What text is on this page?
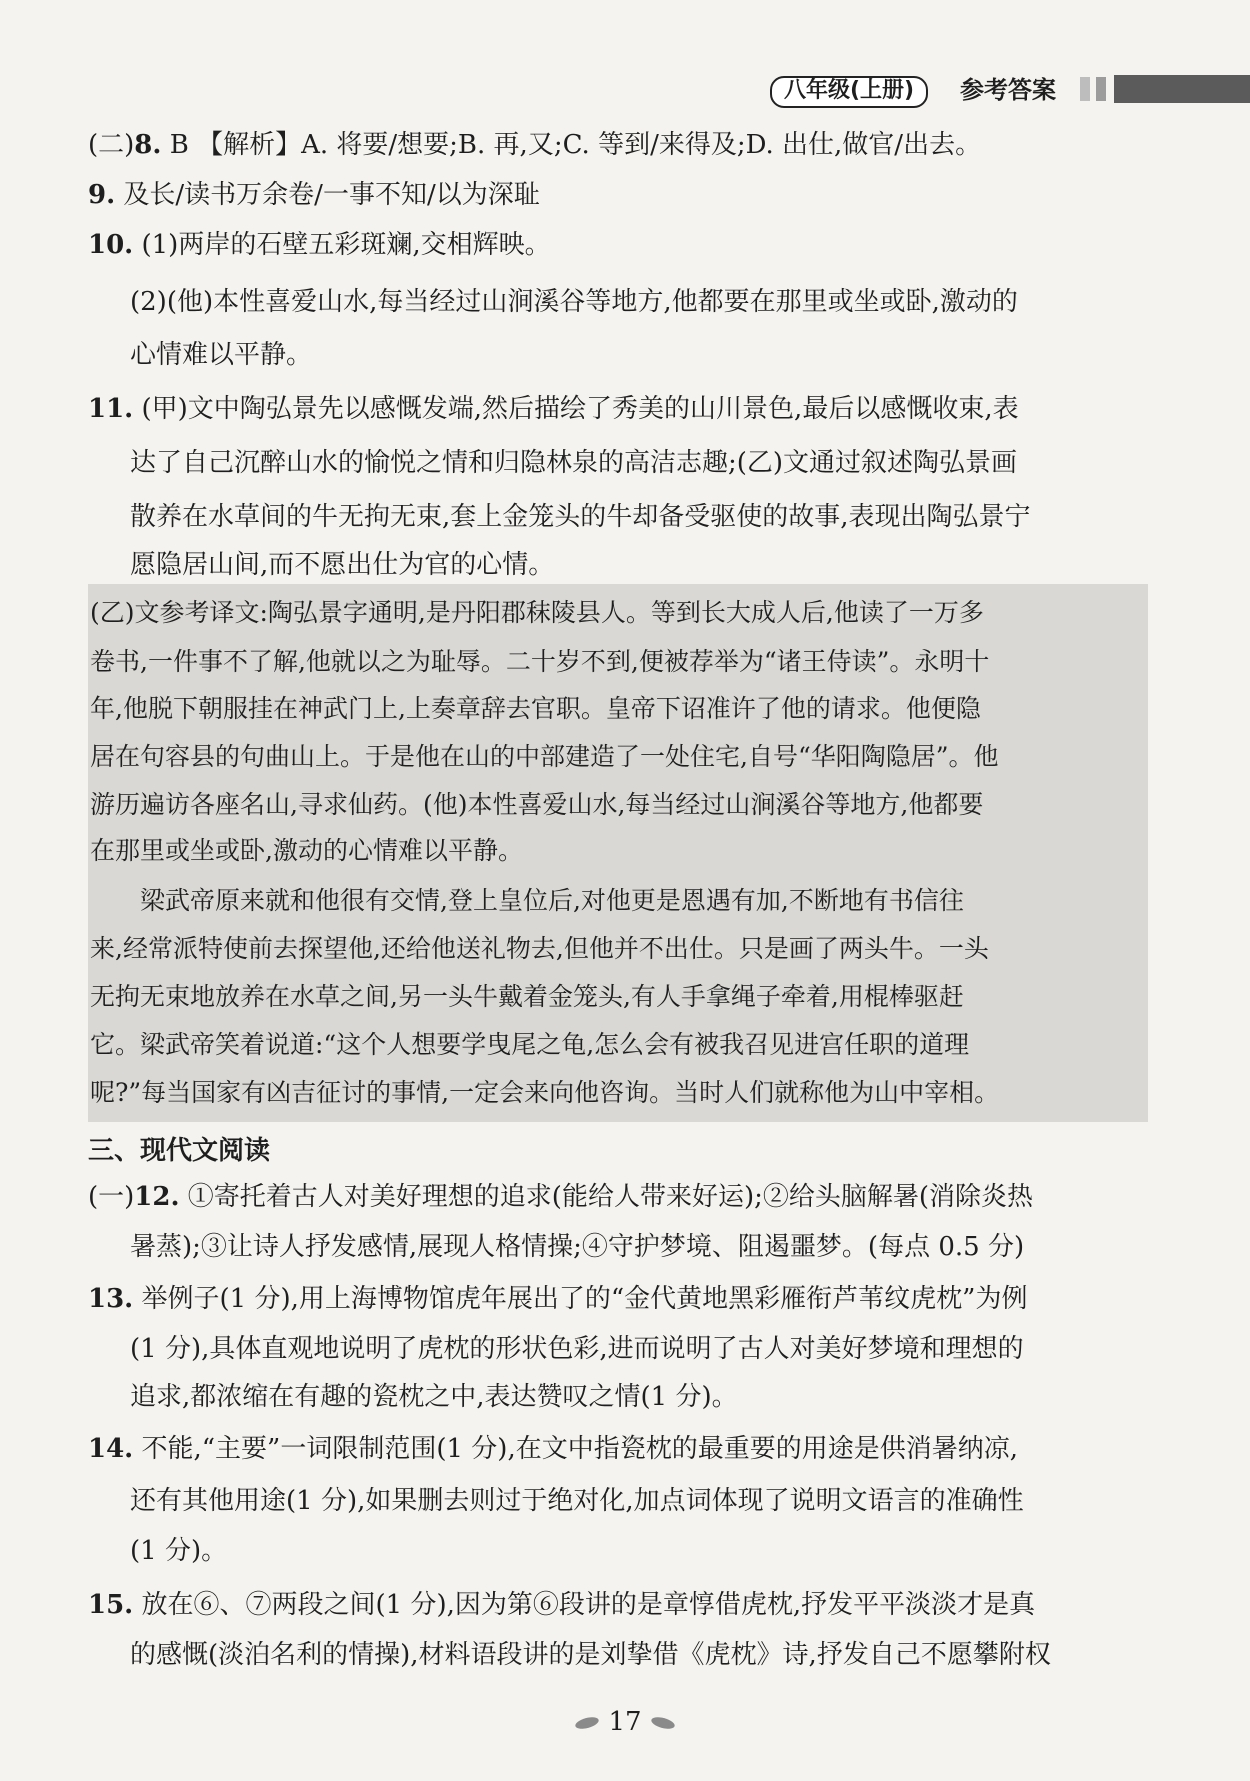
八年级(上册)	参考答案
(二)8. B 【解析】A. 将要/想要;B. 再,又;C. 等到/来得及;D. 出仕,做官/出去。
9. 及长/读书万余卷/一事不知/以为深耻
10. (1)两岸的石壁五彩斑斓,交相辉映。
(2)(他)本性喜爱山水,每当经过山涧溪谷等地方,他都要在那里或坐或卧,激动的
心情难以平静。
11. (甲)文中陶弘景先以感慨发端,然后描绘了秀美的山川景色,最后以感慨收束,表
达了自己沉醉山水的愉悦之情和归隐林泉的高洁志趣;(乙)文通过叙述陶弘景画
散养在水草间的牛无拘无束,套上金笼头的牛却备受驱使的故事,表现出陶弘景宁
愿隐居山间,而不愿出仕为官的心情。
(乙)文参考译文:陶弘景字通明,是丹阳郡秣陵县人。等到长大成人后,他读了一万多
卷书,一件事不了解,他就以之为耻辱。二十岁不到,便被荐举为“诸王侍读”。永明十
年,他脱下朝服挂在神武门上,上奏章辞去官职。皇帝下诏准许了他的请求。他便隐
居在句容县的句曲山上。于是他在山的中部建造了一处住宅,自号“华阳陶隐居”。他
游历遍访各座名山,寻求仙药。(他)本性喜爱山水,每当经过山涧溪谷等地方,他都要
在那里或坐或卧,激动的心情难以平静。
梁武帝原来就和他很有交情,登上皇位后,对他更是恩遇有加,不断地有书信往
来,经常派特使前去探望他,还给他送礼物去,但他并不出仕。只是画了两头牛。一头
无拘无束地放养在水草之间,另一头牛戴着金笼头,有人手拿绳子牵着,用棍棒驱赶
它。梁武帝笑着说道:“这个人想要学曳尾之龟,怎么会有被我召见进宫任职的道理
呢?”每当国家有凶吉征讨的事情,一定会来向他咨询。当时人们就称他为山中宰相。
三、现代文阅读
(一)12. ①寄托着古人对美好理想的追求(能给人带来好运);②给头脑解暑(消除炎热
暑蒸);③让诗人抒发感情,展现人格情操;④守护梦境、阻遏噩梦。(每点 0.5 分)
13. 举例子(1 分),用上海博物馆虎年展出了的“金代黄地黑彩雁衔芦苇纹虎枕”为例
(1 分),具体直观地说明了虎枕的形状色彩,进而说明了古人对美好梦境和理想的
追求,都浓缩在有趣的瓷枕之中,表达赞叹之情(1 分)。
14. 不能,“主要”一词限制范围(1 分),在文中指瓷枕的最重要的用途是供消暑纳凉,
还有其他用途(1 分),如果删去则过于绝对化,加点词体现了说明文语言的准确性
(1 分)。
15. 放在⑥、⑦两段之间(1 分),因为第⑥段讲的是章惇借虎枕,抒发平平淡淡才是真
的感慨(淡泊名利的情操),材料语段讲的是刘挚借《虎枕》诗,抒发自己不愿攀附权
17
